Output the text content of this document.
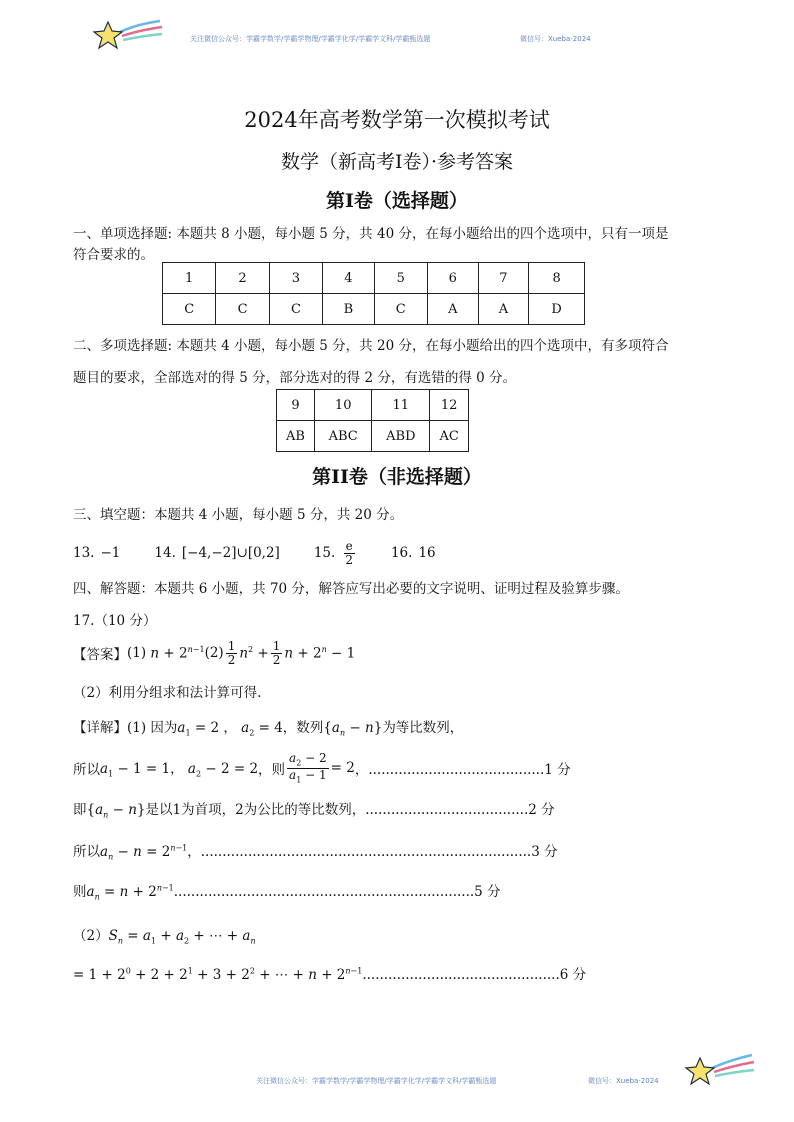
关注微信公众号：学霸学数学/学霸学物理/学霸学化学/学霸学文科/学霸甄选题	微信号：Xueba-2024
2024年高考数学第一次模拟考试
数学（新高考I卷）·参考答案
第I卷（选择题）
一、单项选择题: 本题共 8 小题，每小题 5 分，共 40 分，在每小题给出的四个选项中，只有一项是
符合要求的。
1	2	3	4	5	6	7	8
C	C	C	B	C	A	A	D
二、多项选择题: 本题共 4 小题，每小题 5 分，共 20 分，在每小题给出的四个选项中，有多项符合
题目的要求，全部选对的得 5 分，部分选对的得 2 分，有选错的得 0 分。
9	10	11	12
AB	ABC	ABD	AC
第II卷（非选择题）
三、填空题：本题共 4 小题，每小题 5 分，共 20 分。
13. −1	14. [−4,−2]∪[0,2]	15. $\frac{e}{2}$	16. 16
四、解答题：本题共 6 小题，共 70 分，解答应写出必要的文字说明、证明过程及验算步骤。
17.（10 分）
【答案】 (1) $n + 2^{n-1}$ $(2) \frac{1}{2} n^2 + \frac{1}{2}$ $n + 2^n - 1$
（2）利用分组求和法计算可得.
【详解】(1) 因为$a_1 = 2$ ， $a_2 = 4$，数列$\{a_n - n\}$为等比数列，
所以 $a_1 - 1 = 1$， $a_2 - 2 = 2$ ，则 $\frac{a_2 - 2}{a_1 - 1} = 2$ ，.........................................1 分
即$\{a_n - n\}$是以1为首项，2为公比的等比数列，......................................2 分
所以$a_n - n = 2^{n-1}$，.............................................................................3 分
则$a_n = n + 2^{n-1}......................................................................5$ 分
$(2)S_n = a_1 + a_2$ + ⋯ + $a_n$
= $1 + 2^0 + 2 + 2^1 + 3 + 2^2$ + ⋯ + $n + 2^{n-1}..............................................6$ 分
关注微信公众号：学霸学数学/学霸学物理/学霸学化学/学霸学文科/学霸甄选题	微信号：Xueba-2024
